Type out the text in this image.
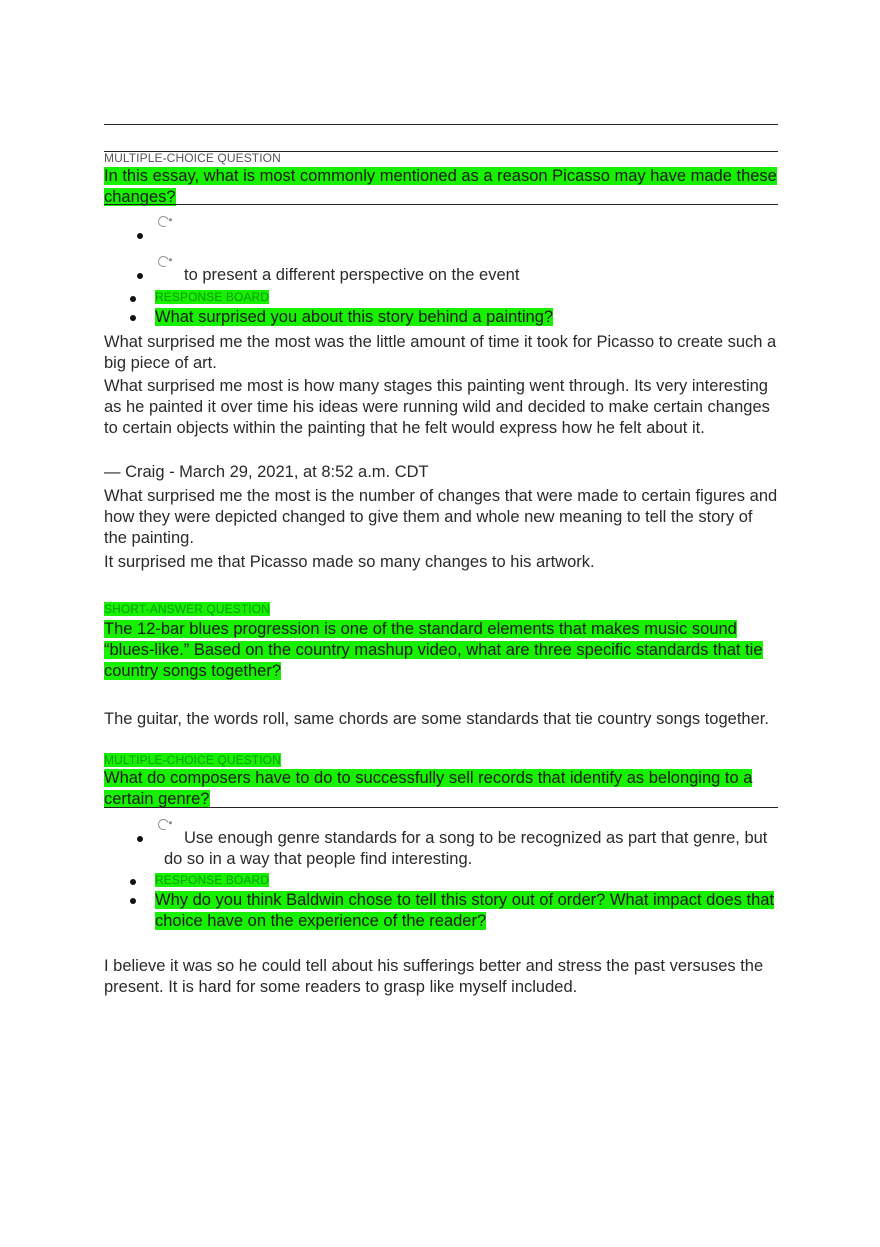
MULTIPLE-CHOICE QUESTION
In this essay, what is most commonly mentioned as a reason Picasso may have made these changes?
to present a different perspective on the event
RESPONSE BOARD
What surprised you about this story behind a painting?
What surprised me the most was the little amount of time it took for Picasso to create such a big piece of art.
What surprised me most is how many stages this painting went through. Its very interesting as he painted it over time his ideas were running wild and decided to make certain changes to certain objects within the painting that he felt would express how he felt about it.
— Craig - March 29, 2021, at 8:52 a.m. CDT
What surprised me the most is the number of changes that were made to certain figures and how they were depicted changed to give them and whole new meaning to tell the story of the painting.
It surprised me that Picasso made so many changes to his artwork.
SHORT-ANSWER QUESTION
The 12-bar blues progression is one of the standard elements that makes music sound “blues-like.” Based on the country mashup video, what are three specific standards that tie country songs together?
The guitar, the words roll, same chords are some standards that tie country songs together.
MULTIPLE-CHOICE QUESTION
What do composers have to do to successfully sell records that identify as belonging to a certain genre?
Use enough genre standards for a song to be recognized as part that genre, but do so in a way that people find interesting.
RESPONSE BOARD
Why do you think Baldwin chose to tell this story out of order? What impact does that choice have on the experience of the reader?
I believe it was so he could tell about his sufferings better and stress the past versuses the present. It is hard for some readers to grasp like myself included.
